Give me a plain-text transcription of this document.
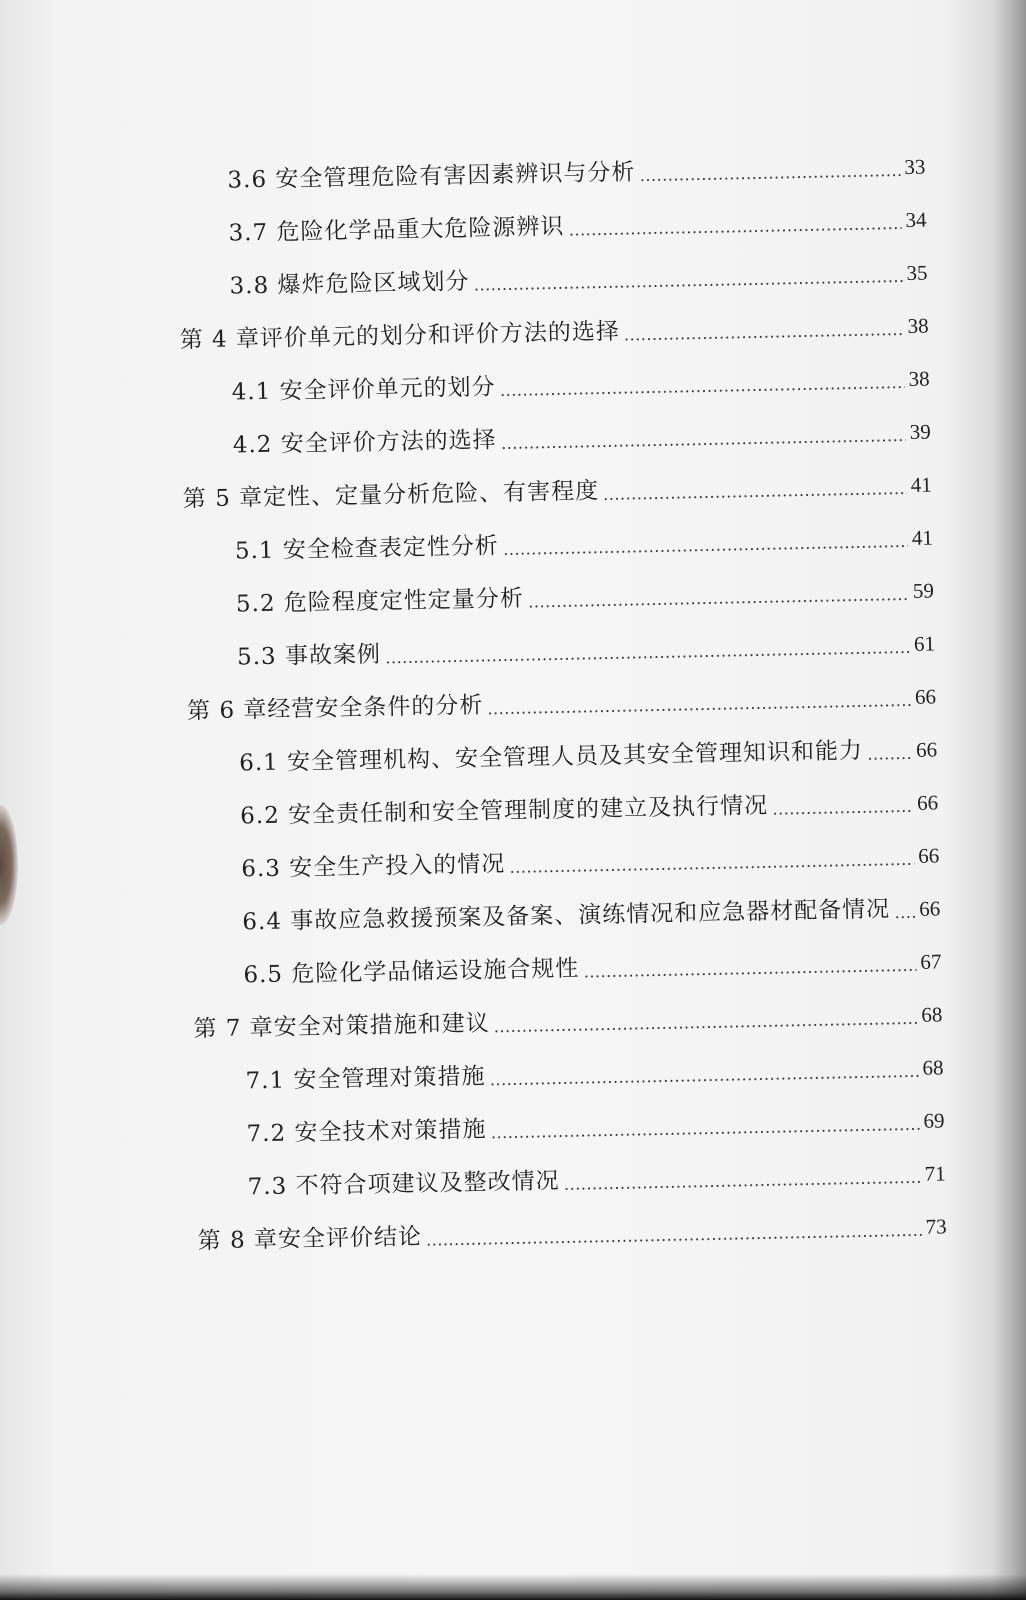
3.6 安全管理危险有害因素辨识与分析	33
3.7 危险化学品重大危险源辨识	34
3.8 爆炸危险区域划分	35
第 4 章评价单元的划分和评价方法的选择	38
4.1 安全评价单元的划分	38
4.2 安全评价方法的选择	39
第 5 章定性、定量分析危险、有害程度	41
5.1 安全检查表定性分析	41
5.2 危险程度定性定量分析	59
5.3 事故案例	61
第 6 章经营安全条件的分析	66
6.1 安全管理机构、安全管理人员及其安全管理知识和能力	66
6.2 安全责任制和安全管理制度的建立及执行情况	66
6.3 安全生产投入的情况	66
6.4 事故应急救援预案及备案、演练情况和应急器材配备情况 66
6.5 危险化学品储运设施合规性	67
第 7 章安全对策措施和建议	68
7.1 安全管理对策措施	68
7.2 安全技术对策措施	69
7.3 不符合项建议及整改情况	71
第 8 章安全评价结论	73
